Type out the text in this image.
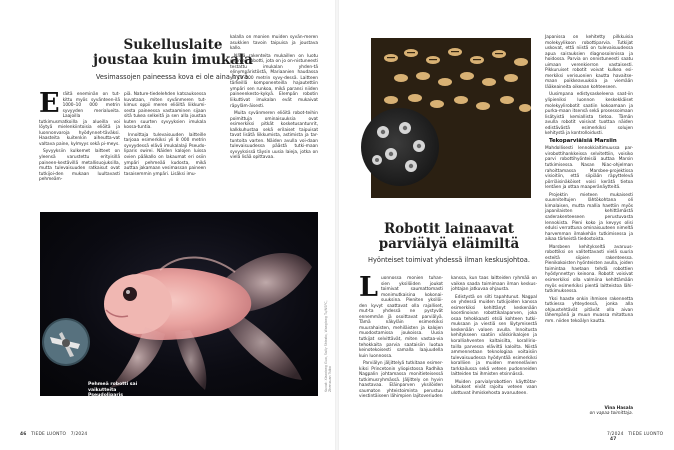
Sukelluslaite
joustaa kuin imukala

Vesimassojen paineessa kova ei ole aina hyvä.

Eräitä eneminän on tut-kittu myös syvänteen-ilä 1000–10 000 metrin syvyyden merialueita. Laajoilla tutkimusmatkoilla ja alueilla voi löytyä mielenkiintoisia eliöitä ja luonnonvaroja hyödynnet-täväksi. Haasteita kuitenkin aiheutta-vat valtava paine, kylmyys sekä pi-meys.

Syvyyksiin kulkemet laitteet on yleensä varustettu erityisillä paineen-kestävillä metallisuojuksilla, mutta tulevaisuuden ratkaisut ovat tutkijoi-den mukaan luultavasti pehmeäm-

piä. Nature-tiedelehden katsauksessa kuvataan, miten syvänmeren tut-kimus oppii meren eliöiltä liikkumi-sesta paineessa vastaaminen sijaan sitä tukea selkeitä ja sen alla joustaa kuten suurten syvyyksien imukala kossa-tuntia.

Innoittaja tulevaisuuden laitteille tarjoaa esimerkiksi yli 8 000 metrin syvyydessä elävä imukalalaji Pseudo-liparis swirei. Näiden kalojen luissa ovien pääkallo on lakaumat eri osiin ympäri pehmeää kudosta, mikä auttaa jakamaan vesimassan paineen tasaisemmin ympäri. Lisäksi imu-

kalalla on monien muiden syvän-meren asukkien tavoin taipuisa ja joustava kallo.

Näitä rakenteita mukaillen on luotu pehmeä robotti, jota on jo on-nistuneesti testattu imukalan yhden-tä elinympäristöstä, Mariaanien haudassa yli 10 000 metrin syvy-dessä. Laitteen tärkeillä komponenteilla hajautettiin ympäri sen runkoa, mikä paransi niiden paineenkesto-kykyä. Elempän robotin liikuttivat imukalan evät mukaivat räpyläm-äisesti.

Muita syvänmeren eliöitä robot-teihin poimittuja ominaisuuksia ovat esimerkiksi pitkät kosketusantunrit, kalkkuhustaa sekä erilaiset taipuisat tavat lisätä liikkumista, astimista ja tar-tuntoita varten. Näiden avulla voi-daan tulevaisuudessa päästä tutki-maan syvyyksissä täysin uusia laieja, jotka on vielä lisää opittavaa.

Pehmeä robotti sai vaikutteita Pseudoliparis swirelta.
Kuvat: Xiaodong Guo, Sally Shirato, Wanglong Tu/NSFC, Zhenxuan Tsibo
46 TIEDE LUONTO 7/2024

Japanissa on kehitetty pilkkuisia molekyylikoon robottiparvia. Tutkijat uskovat, että niistä on tulevaisuudessa apua sairauksien diagnosoinnissa ja hoidossa. Parvia on onnistuneesti saatu uimaan verenkierron vastaisesti. Pikkuruiset robotit voivat kulkea esi-merkiksi verisuonien kautta havaitse-maan poikkeavuuksia ja viemään lääkeaineita oikeaan kohteeseen.

Uusimpana edistysaskeleena saat-iin ylipieniksi luonnon keskekkäiset molekyylirobotit saatiin kokoamaan ja purka-maan itsensä sekä prosessoimaan lisätyistä kemiallista tietoa. Tämän avulla robotit voisivat tuottaa näiden edistävästä esimerkiksi solujen kehitystä ja kontrolloidusti.

Tekoparviäisiä Marsiin

Mahdollisesti lennokkialtimuussa par-virobottihankkeissa selvitettiin, voisiko parvi robottihyönteisiä auttaa Marsin tutkimisessa. Nasan Niac-ohjelman rahoittamassa Marsbee-projektissa visioitiin, että siipiään räpyttelevä pörriäisinäköiset voisi kerätä tietoa lentäen ja ottaa maaperänäytteitä.

Projektin mieteen mukaisesti suunniteltujen lähtökohtana oli kimalaisen, mutta mallia haettiin myös japanilaisten kehittämästä saderakenteeseen perustuvasta lennokista. Pieni koko ja kevyys olisi edulsi verrattuna ominaisuuteen nimeltä harvemman ilmakehän tutkimisessa ja aikaa tärkeistä tiedostoista.

Marsbeen kehitykseltä avaruus-robottiksi on valitettavasti vielä suuria esteitä siipien rakenteessa. Pienikokoisten hyönteisten avulla, joiden toimintaa haetaan tehdä robottien hyödynnettyn keinona. Robotit voisivat esimerkiksi olla valmiina kehittämään myös esimerkiksi pientä laitteistoa lähi-tutkimuksessa.

Yksi haaste onkin ihmisen rakennetta tutkiessa yhteydessä, jonka alla ohjaustehtävät pitävät olla aivan lähempänä ja muun muassa mitattuna mm. niiden tekoälyn kautta.

Robotit lainaavat
parviälyä eläimiltä

Hyönteiset toimivat yhdessä ilman keskusjohtoa.

Luonnossa monien tuhan-sien yksilöiden joukot toimivat saumattomasti monimutkaisina kokonai-suuksina. Pieniten yksilöi-den kyvyt saattavat olla rajalliset, mut-ta yhdessä ne pystyvät ennemmän jä osoittavat parviälyä. Tämä näkyläin esimerkiksi muurahaisten, mehiläisten ja kalojen muodostamissa joukoissa. Uusia tutkijat selvittävät, miten vastaa-via tehokkaita parvia saataisiin luotua keinotekoisesti samalla laajuudella kuin luonnossa.

Parviälyn jäljittelyä tutkitaan esimer-kiksi Princetonin yliopistossa Radhika Nagpalin johtamassa monitieteisessä tutkimusryhmässä. Jäljittely on hyvin haastavaa. Eläinparven yksilöiden saumaton yhteistoiminta perustuu viestintäiseen lähimpien lajitoveriuden

kanssa, kun taas laitteiden ryhmää on vaikea saada toimimaan ilman keskus-johtajan jatkuvaa ohjausta.

Edistystä on silti tapahtunut. Nagpal on yhdessä muiden tutkijoiden kanssa esimerkiksi kehittänyt keskenään koordinoivan robottikalaparven, joka osaa tehokkaasti etsiä kohteen tutki-muksaan ja viestiä sen löytymisestä keskenään valoen avulla. Innoitusta kehitykseen saatiin välskirikalojen ja koralliahventen kaltaisilta, korallirio-toilla parvessa eläviltä kaloilta. Niistä ammennetaan teknologiaa voitaisiin tulevaisuudessa hyödyntää esimerkiksi koralliien ja muiden merenelävien tarkkailussa sekä veteen pudonneiden laitteiden tai ihmisten etsinnässä.

Muiden parvialyrobottien käyttötar-koitukset eivät rajoitu veteen vaan ulottuvat ihmiskehosta avaruuteen.

Vina Hasala
on vapaa toimittaja.
7/2024 TIEDE LUONTO 47
